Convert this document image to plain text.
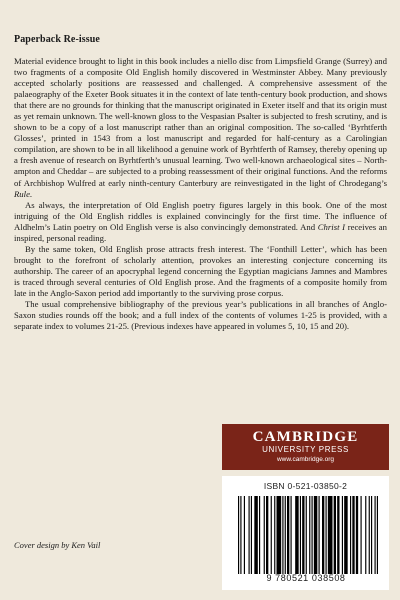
Paperback Re-issue

Material evidence brought to light in this book includes a niello disc from Limpsfield Grange (Surrey) and two fragments of a composite Old English homily discovered in Westminster Abbey. Many previously accepted scholarly positions are reassessed and challenged. A comprehensive assessment of the palaeography of the Exeter Book situates it in the context of late tenth-century book production, and shows that there are no grounds for thinking that the manuscript originated in Exeter itself and that its origin must as yet remain unknown. The well-known gloss to the Vespasian Psalter is subjected to fresh scrutiny, and is shown to be a copy of a lost manuscript rather than an original composition. The so-called ‘Byrhtferth Glosses’, printed in 1543 from a lost manuscript and regarded for half-century as a Carolingian compilation, are shown to be in all likelihood a genuine work of Byrhtferth of Ramsey, thereby opening up a fresh avenue of research on Byrhtferth’s unusual learning. Two well-known archaeological sites – Northampton and Cheddar – are subjected to a probing reassessment of their original functions. And the reforms of Archbishop Wulfred at early ninth-century Canterbury are reinvestigated in the light of Chrodegang’s Rule.

As always, the interpretation of Old English poetry figures largely in this book. One of the most intriguing of the Old English riddles is explained convincingly for the first time. The influence of Aldhelm’s Latin poetry on Old English verse is also convincingly demonstrated. And Christ I receives an inspired, personal reading.

By the same token, Old English prose attracts fresh interest. The ‘Fonthill Letter’, which has been brought to the forefront of scholarly attention, provokes an interesting conjecture concerning its authorship. The career of an apocryphal legend concerning the Egyptian magicians Jamnes and Mambres is traced through several centuries of Old English prose. And the fragments of a composite homily from late in the Anglo-Saxon period add importantly to the surviving prose corpus.

The usual comprehensive bibliography of the previous year’s publications in all branches of Anglo-Saxon studies rounds off the book; and a full index of the contents of volumes 1-25 is provided, with a separate index to volumes 21-25. (Previous indexes have appeared in volumes 5, 10, 15 and 20).

CAMBRIDGE
UNIVERSITY PRESS
www.cambridge.org
ISBN 0-521-03850-2
9 780521 038508
Cover design by Ken Vail
